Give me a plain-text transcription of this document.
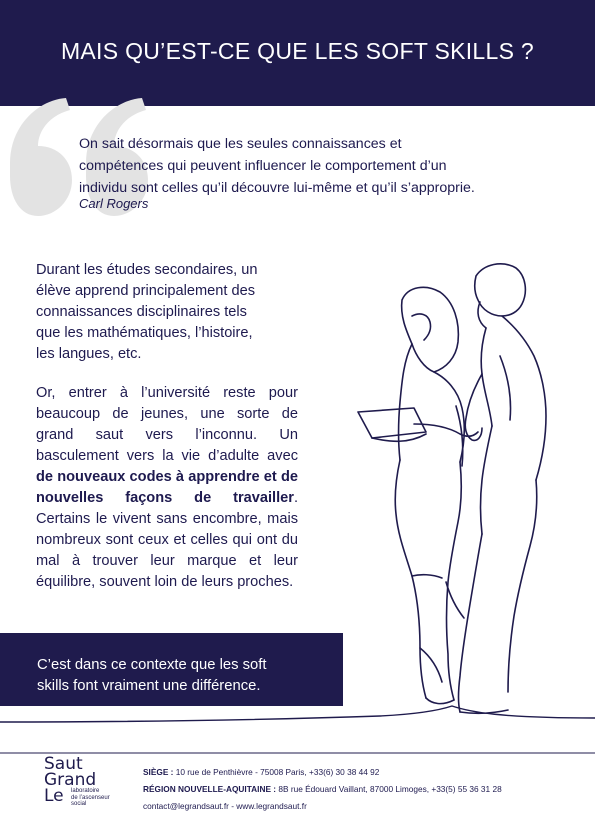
MAIS QU’EST-CE QUE LES SOFT SKILLS ?
On sait désormais que les seules connaissances et
compétences qui peuvent influencer le comportement d’un
individu sont celles qu’il découvre lui-même et qu’il s’approprie.
Carl Rogers

Durant les études secondaires, un
élève apprend principalement des
connaissances disciplinaires tels
que les mathématiques, l’histoire,
les langues, etc.

Or, entrer à l’université reste pour beaucoup de jeunes, une sorte de grand saut vers l’inconnu. Un basculement vers la vie d’adulte avec de nouveaux codes à apprendre et de nouvelles façons de travailler. Certains le vivent sans encombre, mais nombreux sont ceux et celles qui ont du mal à trouver leur marque et leur équilibre, souvent loin de leurs proches.

C’est dans ce contexte que les soft
skills font vraiment une différence.
Saut
Grand
Le laboratoire
de l’ascenseur
social
SIÈGE : 10 rue de Penthièvre - 75008 Paris, +33(6) 30 38 44 92
RÉGION NOUVELLE-AQUITAINE : 8B rue Édouard Vaillant, 87000 Limoges, +33(5) 55 36 31 28
contact@legrandsaut.fr - www.legrandsaut.fr
